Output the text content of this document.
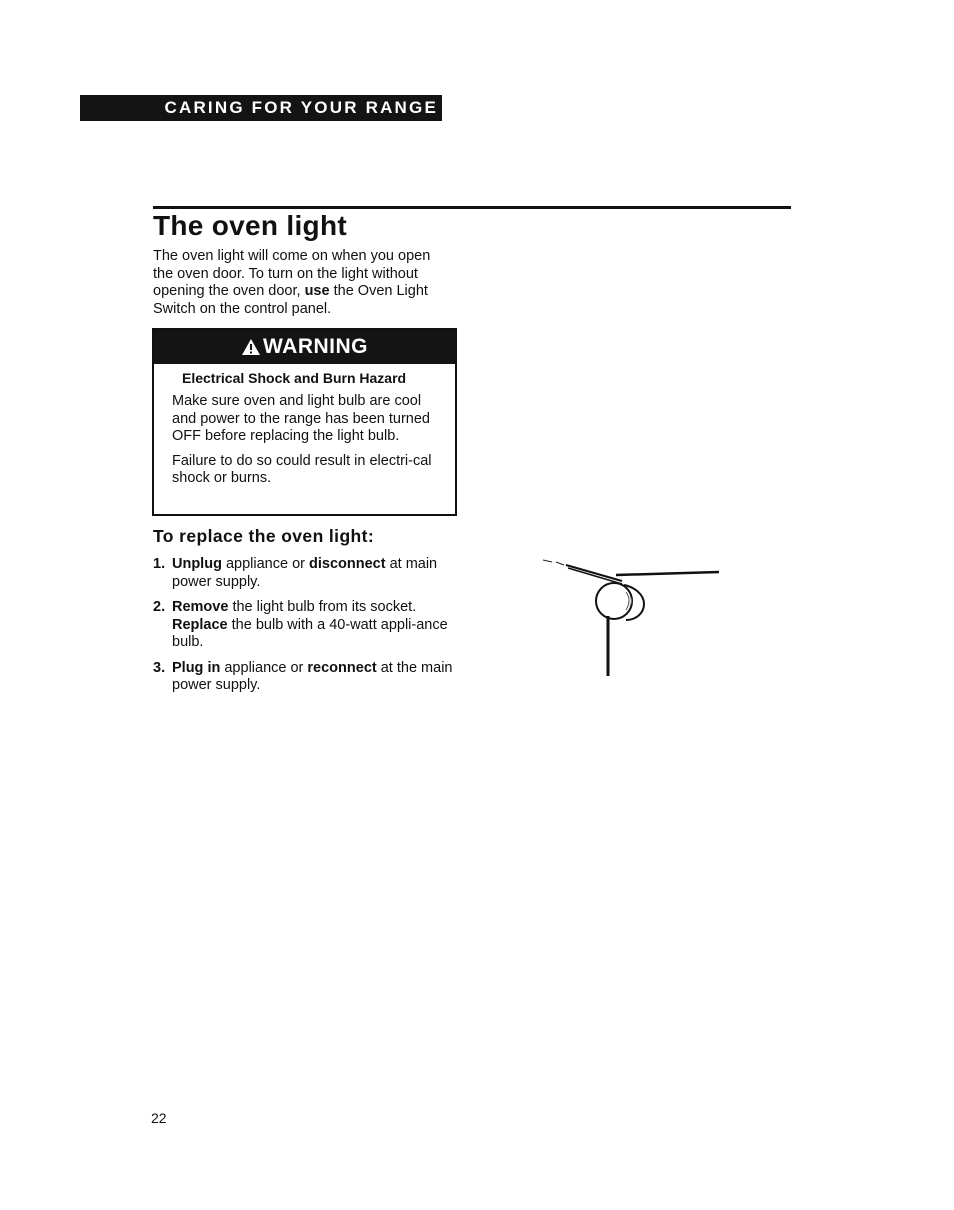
CARING FOR YOUR RANGE
The oven light

The oven light will come on when you open
the oven door. To turn on the light without
opening the oven door, use the Oven Light
Switch on the control panel.

WARNING

Electrical Shock and Burn Hazard

Make sure oven and light bulb are cool and power to the range has been turned OFF before replacing the light bulb.

Failure to do so could result in electri-cal shock or burns.

To replace the oven light:
1. Unplug appliance or disconnect at main power supply.
2. Remove the light bulb from its socket. Replace the bulb with a 40-watt appli-ance bulb.
3. Plug in appliance or reconnect at the main power supply.
22
